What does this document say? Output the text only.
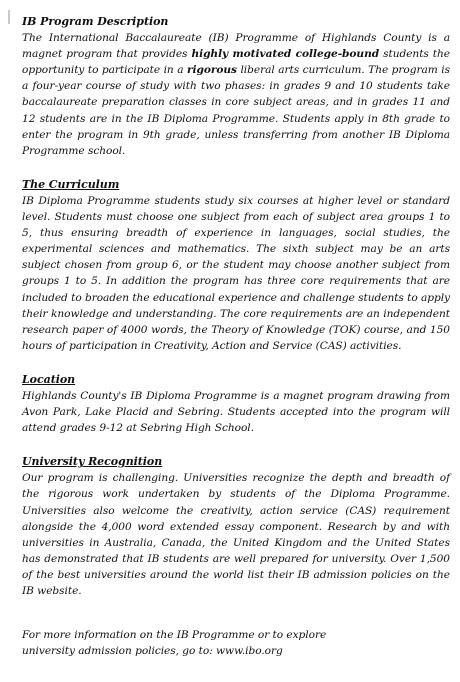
IB Program Description

The International Baccalaureate (IB) Programme of Highlands County is a magnet program that provides highly motivated college-bound students the opportunity to participate in a rigorous liberal arts curriculum. The program is a four-year course of study with two phases: in grades 9 and 10 students take baccalaureate preparation classes in core subject areas, and in grades 11 and 12 students are in the IB Diploma Programme. Students apply in 8th grade to enter the program in 9th grade, unless transferring from another IB Diploma Programme school.

The Curriculum

IB Diploma Programme students study six courses at higher level or standard level. Students must choose one subject from each of subject area groups 1 to 5, thus ensuring breadth of experience in languages, social studies, the experimental sciences and mathematics. The sixth subject may be an arts subject chosen from group 6, or the student may choose another subject from groups 1 to 5. In addition the program has three core requirements that are included to broaden the educational experience and challenge students to apply their knowledge and understanding. The core requirements are an independent research paper of 4000 words, the Theory of Knowledge (TOK) course, and 150 hours of participation in Creativity, Action and Service (CAS) activities.

Location

Highlands County's IB Diploma Programme is a magnet program drawing from Avon Park, Lake Placid and Sebring. Students accepted into the program will attend grades 9-12 at Sebring High School.

University Recognition

Our program is challenging. Universities recognize the depth and breadth of the rigorous work undertaken by students of the Diploma Programme. Universities also welcome the creativity, action service (CAS) requirement alongside the 4,000 word extended essay component. Research by and with universities in Australia, Canada, the United Kingdom and the United States has demonstrated that IB students are well prepared for university. Over 1,500 of the best universities around the world list their IB admission policies on the IB website.

For more information on the IB Programme or to explore university admission policies, go to: www.ibo.org
